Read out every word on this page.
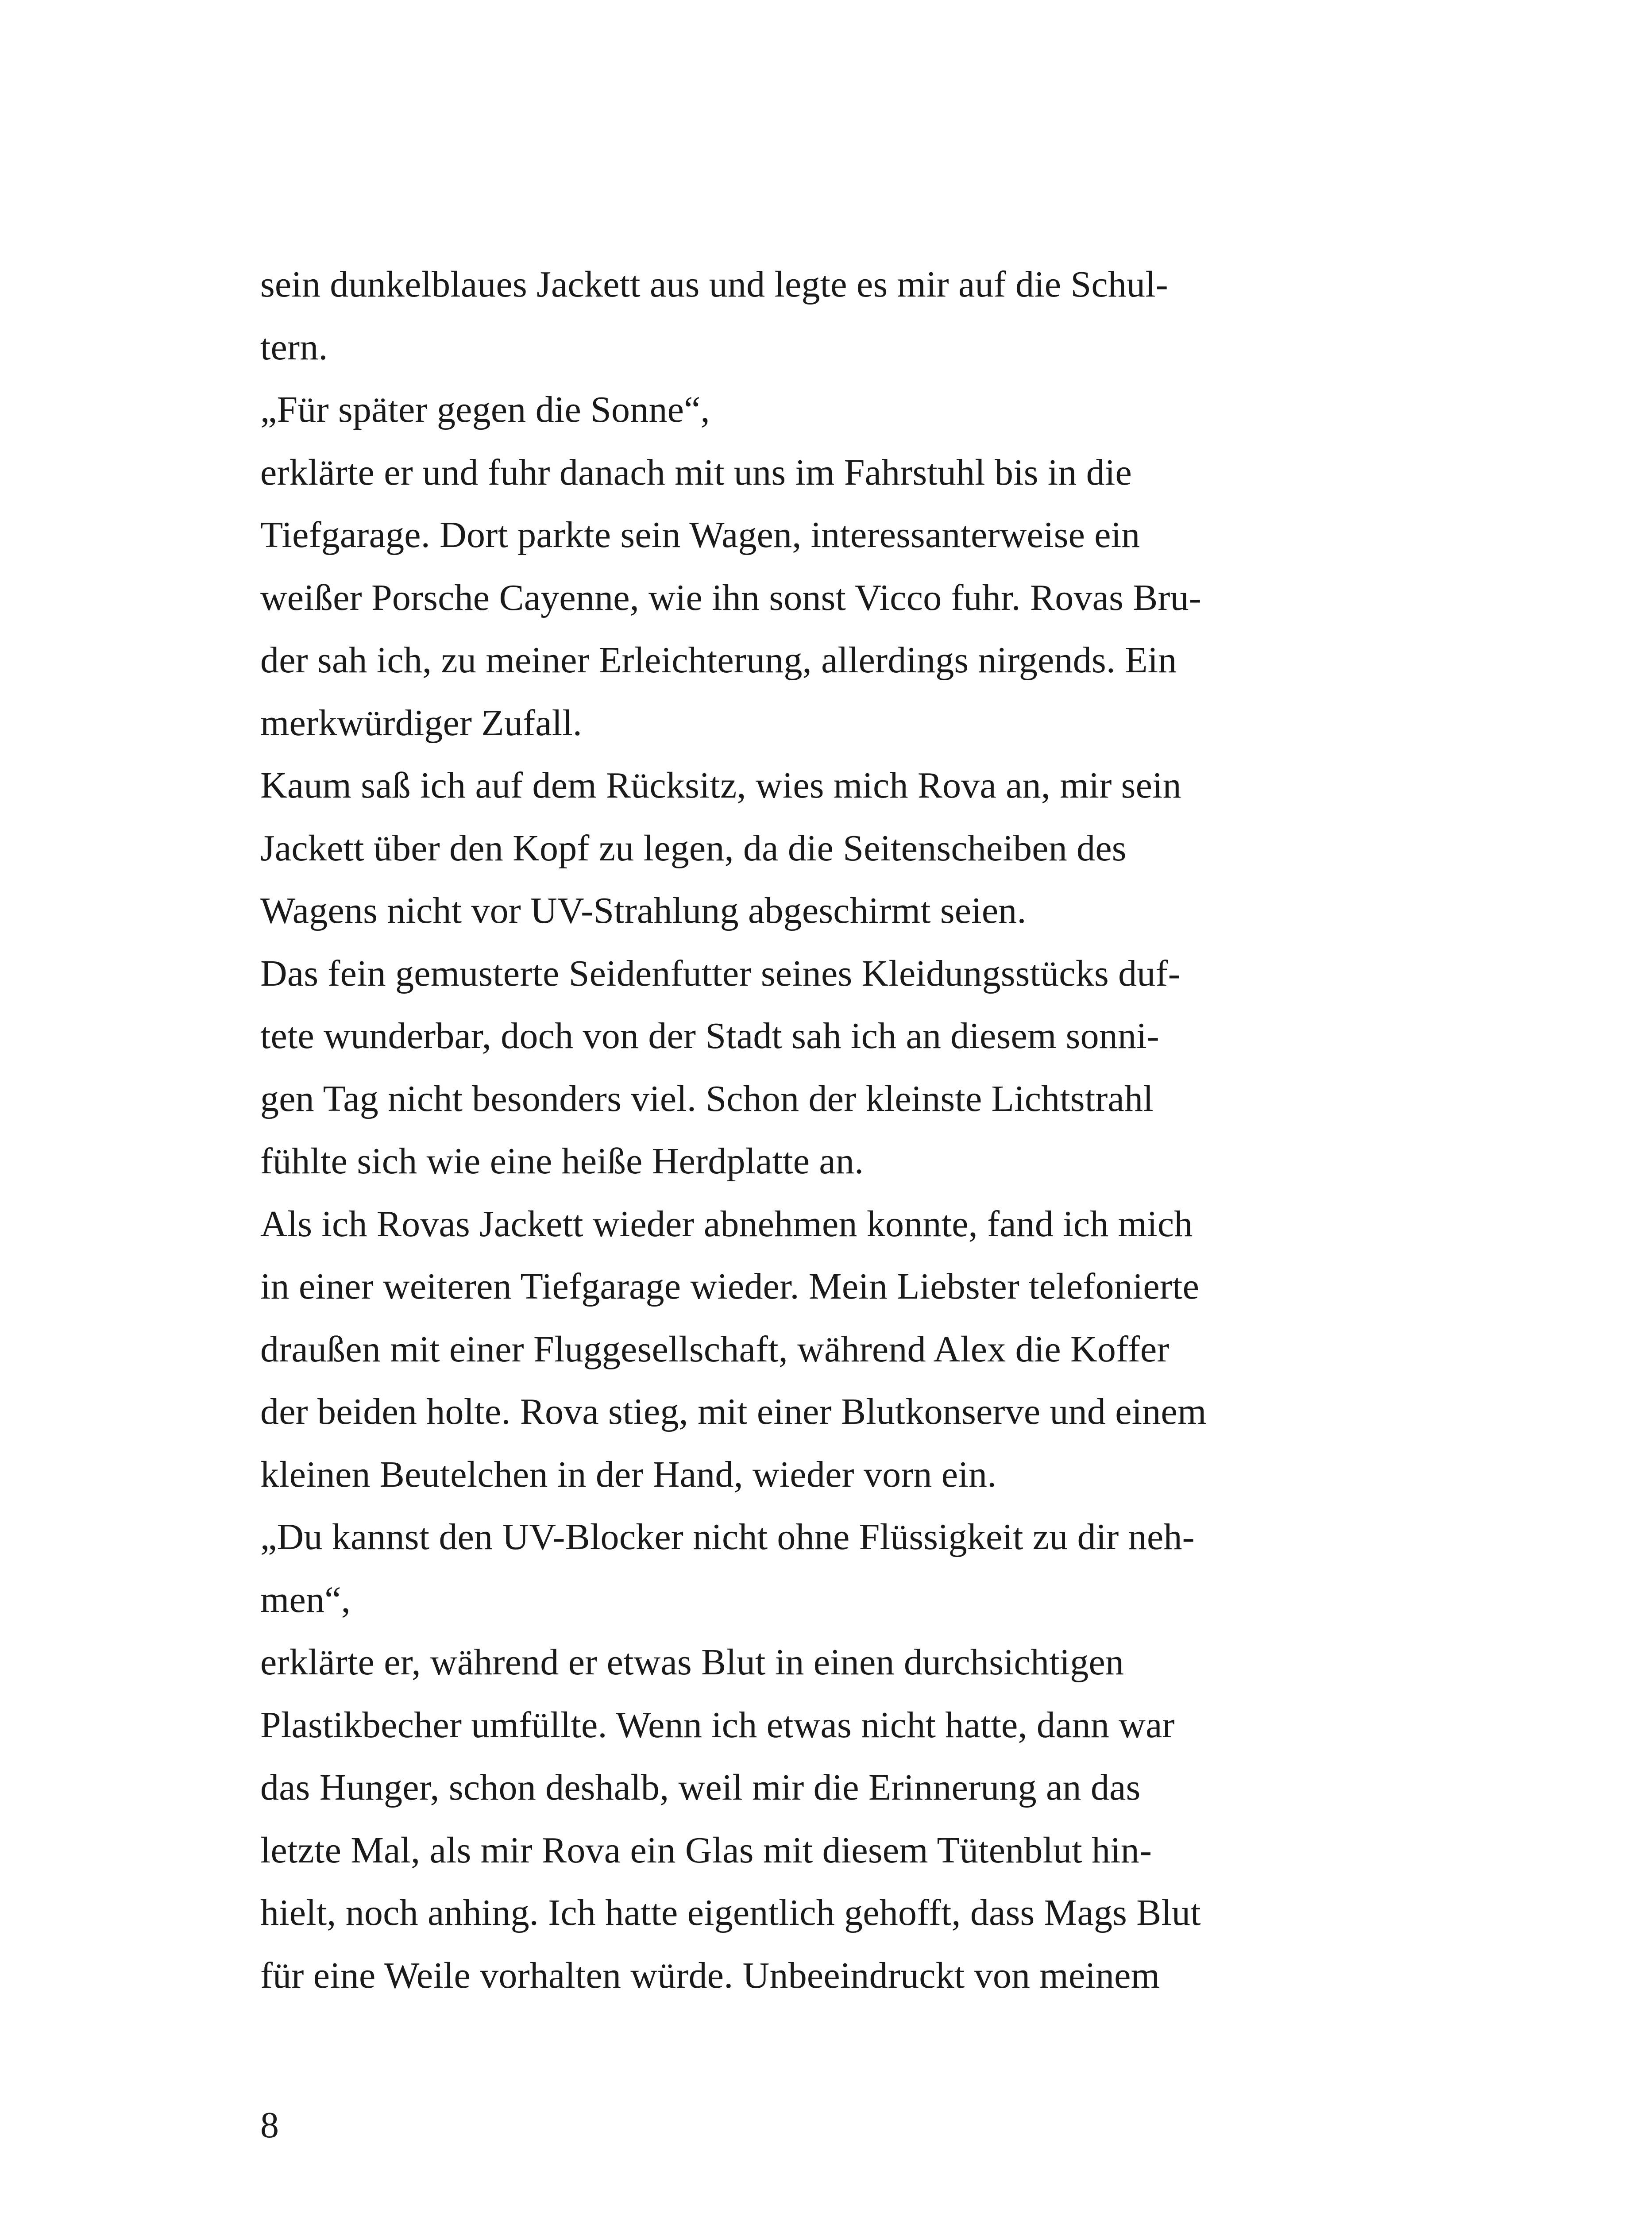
sein dunkelblaues Jackett aus und legte es mir auf die Schul-
tern.
„Für später gegen die Sonne“,
erklärte er und fuhr danach mit uns im Fahrstuhl bis in die
Tiefgarage. Dort parkte sein Wagen, interessanterweise ein
weißer Porsche Cayenne, wie ihn sonst Vicco fuhr. Rovas Bru-
der sah ich, zu meiner Erleichterung, allerdings nirgends. Ein
merkwürdiger Zufall.
Kaum saß ich auf dem Rücksitz, wies mich Rova an, mir sein
Jackett über den Kopf zu legen, da die Seitenscheiben des
Wagens nicht vor UV-Strahlung abgeschirmt seien.
Das fein gemusterte Seidenfutter seines Kleidungsstücks duf-
tete wunderbar, doch von der Stadt sah ich an diesem sonni-
gen Tag nicht besonders viel. Schon der kleinste Lichtstrahl
fühlte sich wie eine heiße Herdplatte an.
Als ich Rovas Jackett wieder abnehmen konnte, fand ich mich
in einer weiteren Tiefgarage wieder. Mein Liebster telefonierte
draußen mit einer Fluggesellschaft, während Alex die Koffer
der beiden holte. Rova stieg, mit einer Blutkonserve und einem
kleinen Beutelchen in der Hand, wieder vorn ein.
„Du kannst den UV-Blocker nicht ohne Flüssigkeit zu dir neh-
men“,
erklärte er, während er etwas Blut in einen durchsichtigen
Plastikbecher umfüllte. Wenn ich etwas nicht hatte, dann war
das Hunger, schon deshalb, weil mir die Erinnerung an das
letzte Mal, als mir Rova ein Glas mit diesem Tütenblut hin-
hielt, noch anhing. Ich hatte eigentlich gehofft, dass Mags Blut
für eine Weile vorhalten würde. Unbeeindruckt von meinem
8
